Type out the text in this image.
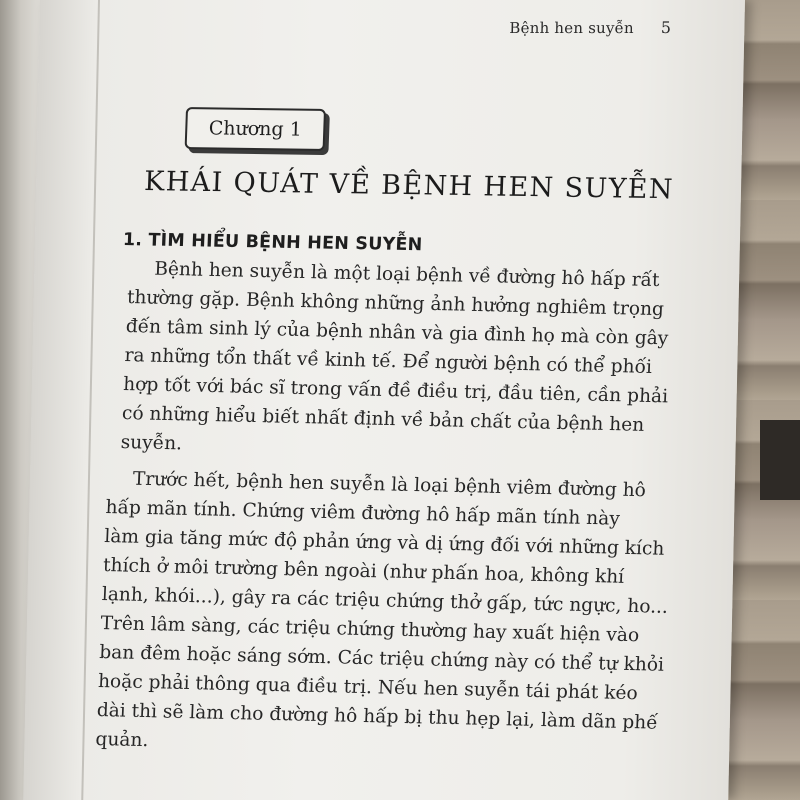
Bệnh hen suyễn 5
Chương 1
KHÁI QUÁT VỀ BỆNH HEN SUYỄN
1. TÌM HIỂU BỆNH HEN SUYỄN
Bệnh hen suyễn là một loại bệnh về đường hô hấp rất
thường gặp. Bệnh không những ảnh hưởng nghiêm trọng
đến tâm sinh lý của bệnh nhân và gia đình họ mà còn gây
ra những tổn thất về kinh tế. Để người bệnh có thể phối
hợp tốt với bác sĩ trong vấn đề điều trị, đầu tiên, cần phải
có những hiểu biết nhất định về bản chất của bệnh hen
suyễn.
Trước hết, bệnh hen suyễn là loại bệnh viêm đường hô
hấp mãn tính. Chứng viêm đường hô hấp mãn tính này
làm gia tăng mức độ phản ứng và dị ứng đối với những kích
thích ở môi trường bên ngoài (như phấn hoa, không khí
lạnh, khói...), gây ra các triệu chứng thở gấp, tức ngực, ho...
Trên lâm sàng, các triệu chứng thường hay xuất hiện vào
ban đêm hoặc sáng sớm. Các triệu chứng này có thể tự khỏi
hoặc phải thông qua điều trị. Nếu hen suyễn tái phát kéo
dài thì sẽ làm cho đường hô hấp bị thu hẹp lại, làm dãn phế
quản.
